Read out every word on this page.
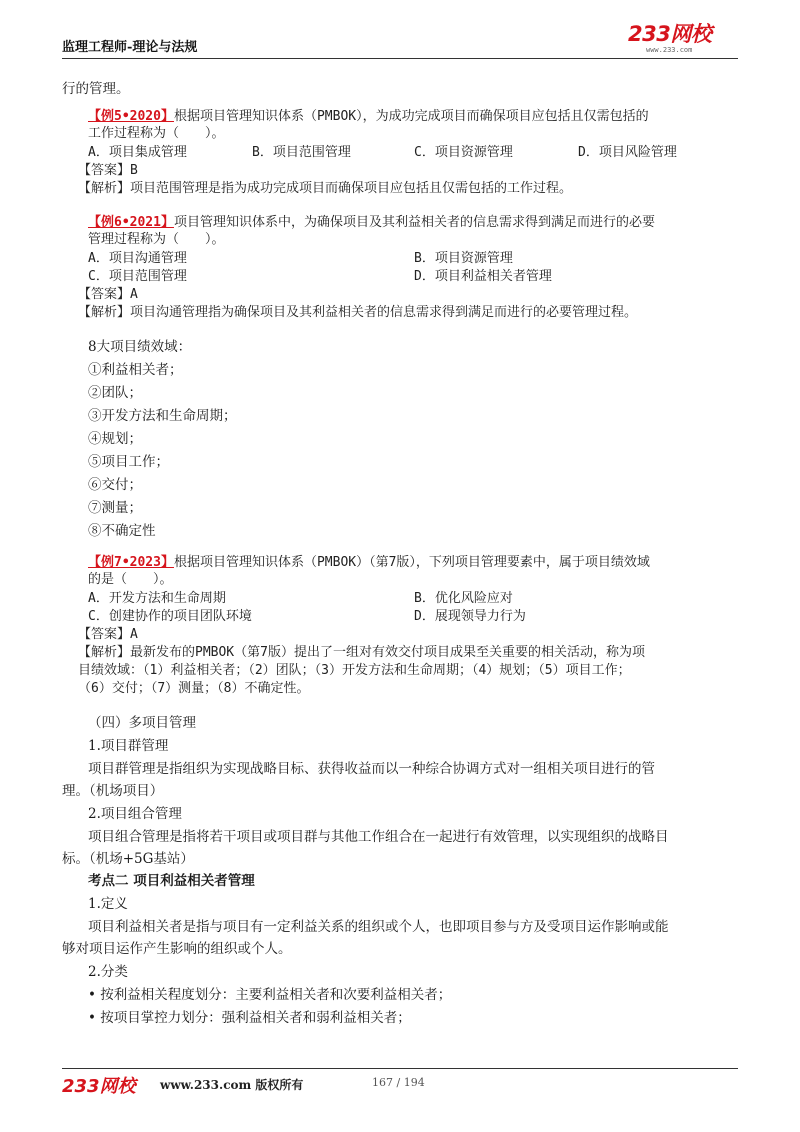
监理工程师-理论与法规
233网校
www.233.com
行的管理。
【例5•2020】根据项目管理知识体系（PMBOK），为成功完成项目而确保项目应包括且仅需包括的
工作过程称为（　　）。
A．项目集成管理	B．项目范围管理	C．项目资源管理	D．项目风险管理
【答案】B
【解析】项目范围管理是指为成功完成项目而确保项目应包括且仅需包括的工作过程。
【例6•2021】项目管理知识体系中，为确保项目及其利益相关者的信息需求得到满足而进行的必要
管理过程称为（　　）。
A．项目沟通管理	B．项目资源管理
C．项目范围管理	D．项目利益相关者管理
【答案】A
【解析】项目沟通管理指为确保项目及其利益相关者的信息需求得到满足而进行的必要管理过程。
8大项目绩效域：
①利益相关者；
②团队；
③开发方法和生命周期；
④规划；
⑤项目工作；
⑥交付；
⑦测量；
⑧不确定性
【例7•2023】根据项目管理知识体系（PMBOK）（第7版），下列项目管理要素中，属于项目绩效域
的是（　　）。
A．开发方法和生命周期	B．优化风险应对
C．创建协作的项目团队环境	D．展现领导力行为
【答案】A
【解析】最新发布的PMBOK（第7版）提出了一组对有效交付项目成果至关重要的相关活动，称为项
目绩效域：（1）利益相关者；（2）团队；（3）开发方法和生命周期；（4）规划；（5）项目工作；
（6）交付；（7）测量；（8）不确定性。
（四）多项目管理
1.项目群管理
项目群管理是指组织为实现战略目标、获得收益而以一种综合协调方式对一组相关项目进行的管
理。（机场项目）
2.项目组合管理
项目组合管理是指将若干项目或项目群与其他工作组合在一起进行有效管理，以实现组织的战略目
标。（机场+5G基站）
考点二 项目利益相关者管理
1.定义
项目利益相关者是指与项目有一定利益关系的组织或个人，也即项目参与方及受项目运作影响或能
够对项目运作产生影响的组织或个人。
2.分类
• 按利益相关程度划分：主要利益相关者和次要利益相关者；
• 按项目掌控力划分：强利益相关者和弱利益相关者；
233网校 www.233.com 版权所有	167 / 194
